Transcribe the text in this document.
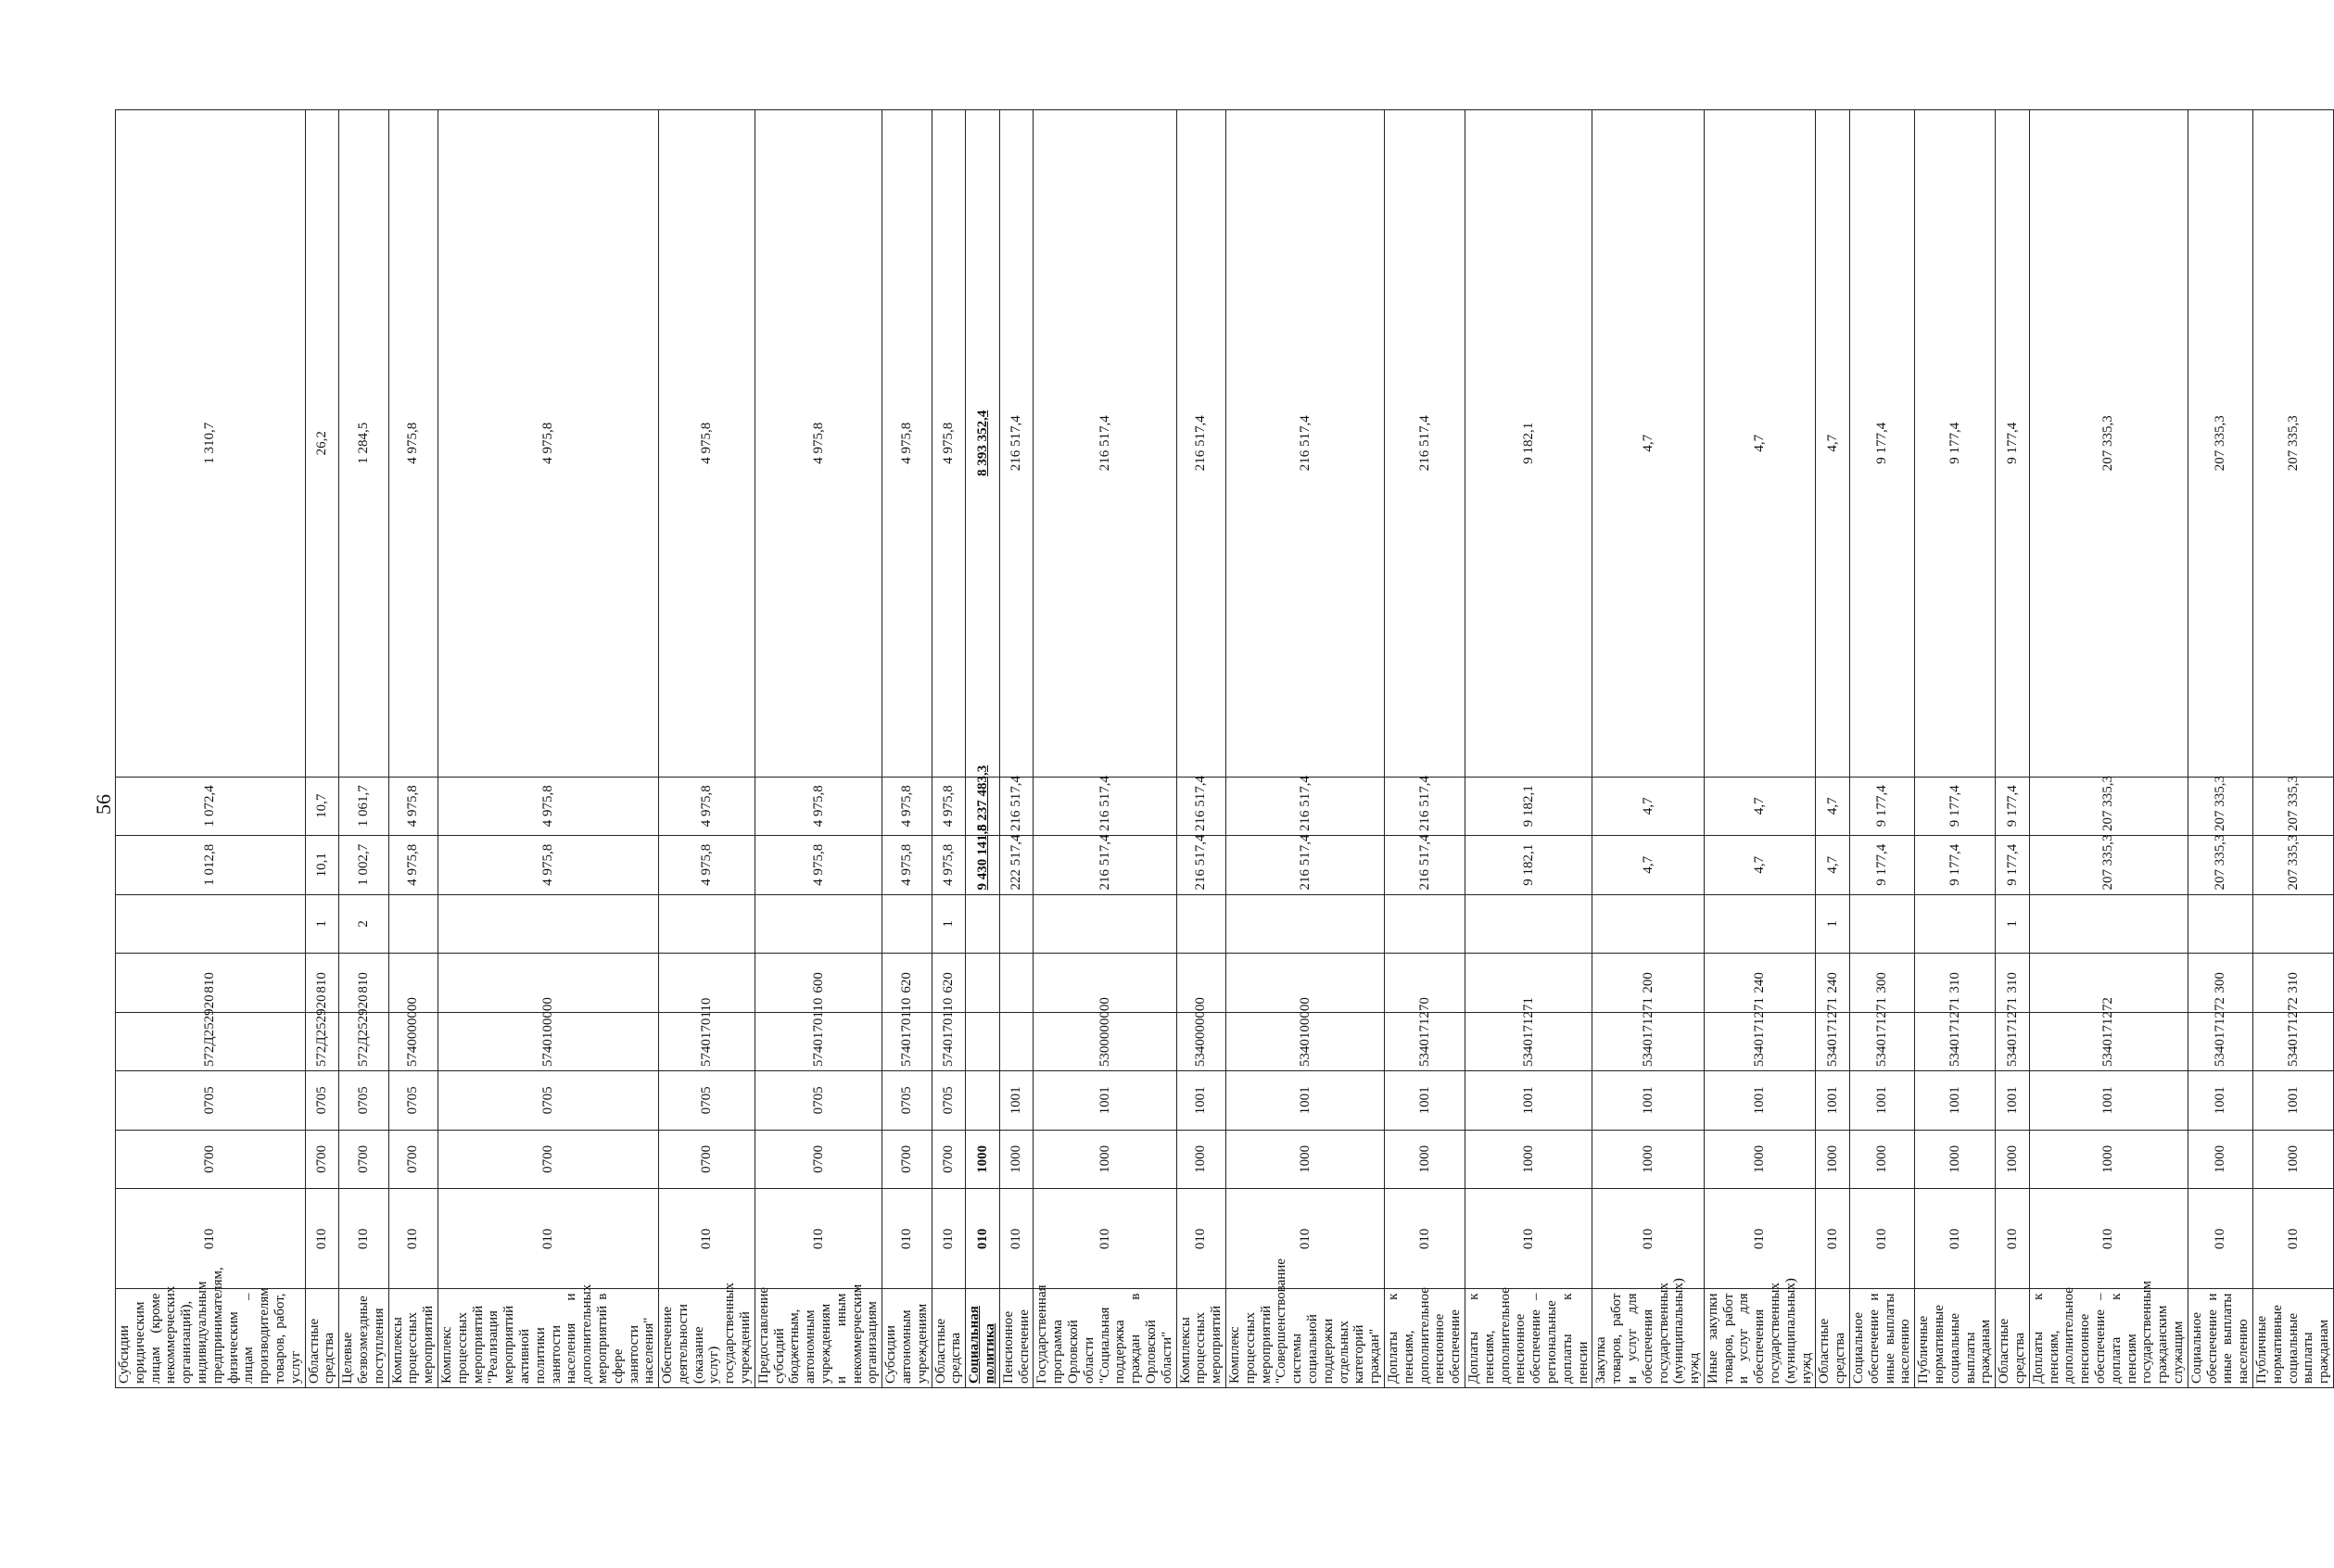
56
Субсидии юридическим лицам (кроме некоммерческих организаций), индивидуальным предпринимателям, физическим лицам – производителям товаров, работ, услуг	010	0700	0705	572Д252920	810		1 012,8	1 072,4	1 310,7
Областные средства	010	0700	0705	572Д252920	810	1	10,1	10,7	26,2
Целевые безвозмездные поступления	010	0700	0705	572Д252920	810	2	1 002,7	1 061,7	1 284,5
Комплексы процессных мероприятий	010	0700	0705	5740000000			4 975,8	4 975,8	4 975,8
Комплекс процессных мероприятий "Реализация мероприятий активной политики занятости населения и дополнительных мероприятий в сфере занятости населения"	010	0700	0705	5740100000			4 975,8	4 975,8	4 975,8
Обеспечение деятельности (оказание услуг) государственных учреждений	010	0700	0705	5740170110			4 975,8	4 975,8	4 975,8
Предоставление субсидий бюджетным, автономным учреждениям и иным некоммерческим организациям	010	0700	0705	5740170110	600		4 975,8	4 975,8	4 975,8
Субсидии автономным учреждениям	010	0700	0705	5740170110	620		4 975,8	4 975,8	4 975,8
Областные средства	010	0700	0705	5740170110	620	1	4 975,8	4 975,8	4 975,8
Социальная политика	010	1000					9 430 141,5	8 237 483,3	8 393 352,4
Пенсионное обеспечение	010	1000	1001				222 517,4	216 517,4	216 517,4
Государственная программа Орловской области "Социальная поддержка граждан в Орловской области"	010	1000	1001	5300000000			216 517,4	216 517,4	216 517,4
Комплексы процессных мероприятий	010	1000	1001	5340000000			216 517,4	216 517,4	216 517,4
Комплекс процессных мероприятий "Совершенствование системы социальной поддержки отдельных категорий граждан"	010	1000	1001	5340100000			216 517,4	216 517,4	216 517,4
Доплаты к пенсиям, дополнительное пенсионное обеспечение	010	1000	1001	5340171270			216 517,4	216 517,4	216 517,4
Доплаты к пенсиям, дополнительное пенсионное обеспечение – региональные доплаты к пенсии	010	1000	1001	5340171271			9 182,1	9 182,1	9 182,1
Закупка товаров, работ и услуг для обеспечения государственных (муниципальных) нужд	010	1000	1001	5340171271	200		4,7	4,7	4,7
Иные закупки товаров, работ и услуг для обеспечения государственных (муниципальных) нужд	010	1000	1001	5340171271	240		4,7	4,7	4,7
Областные средства	010	1000	1001	5340171271	240	1	4,7	4,7	4,7
Социальное обеспечение и иные выплаты населению	010	1000	1001	5340171271	300		9 177,4	9 177,4	9 177,4
Публичные нормативные социальные выплаты гражданам	010	1000	1001	5340171271	310		9 177,4	9 177,4	9 177,4
Областные средства	010	1000	1001	5340171271	310	1	9 177,4	9 177,4	9 177,4
Доплаты к пенсиям, дополнительное пенсионное обеспечение – доплата к пенсиям государственным гражданским служащим	010	1000	1001	5340171272			207 335,3	207 335,3	207 335,3
Социальное обеспечение и иные выплаты населению	010	1000	1001	5340171272	300		207 335,3	207 335,3	207 335,3
Публичные нормативные социальные выплаты гражданам	010	1000	1001	5340171272	310		207 335,3	207 335,3	207 335,3
